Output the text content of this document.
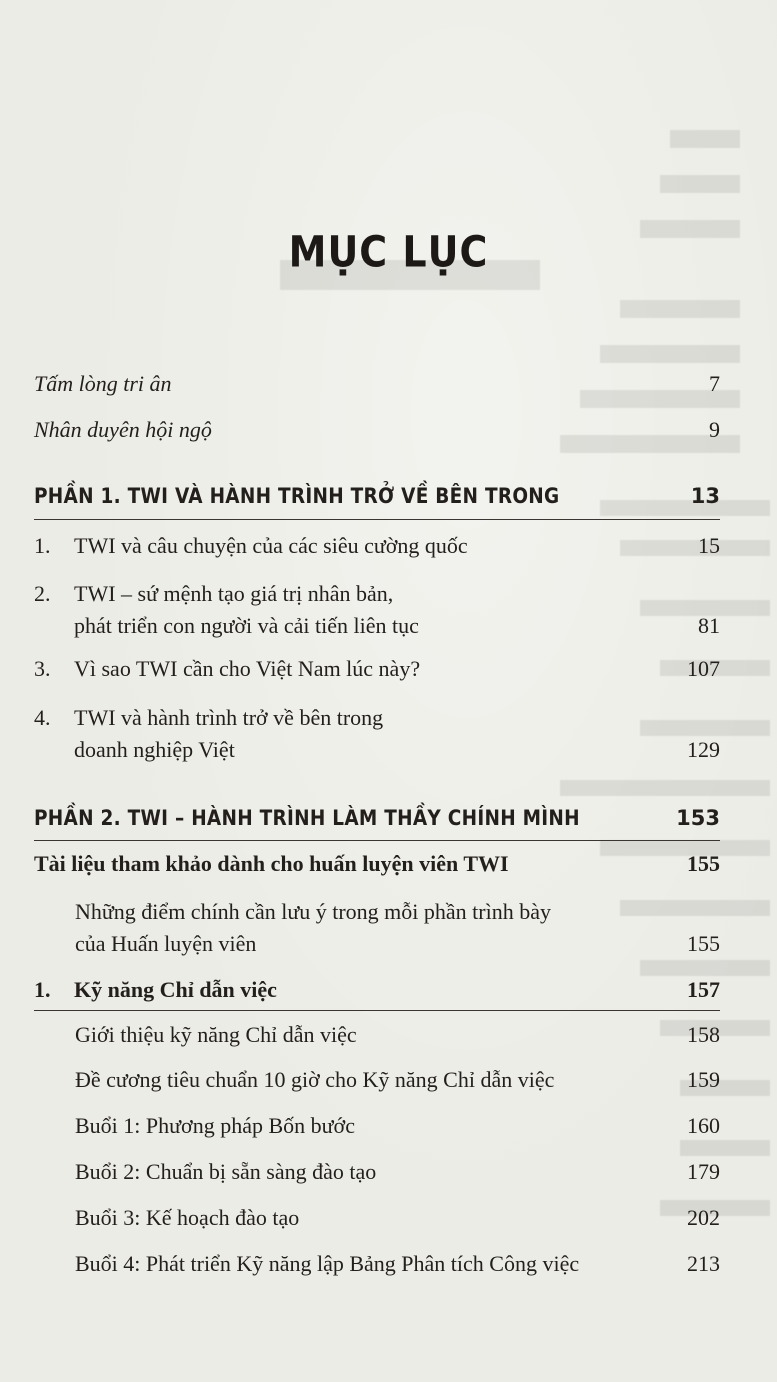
MỤC LỤC
Tấm lòng tri ân	7
Nhân duyên hội ngộ	9
PHẦN 1. TWI VÀ HÀNH TRÌNH TRỞ VỀ BÊN TRONG	13
1. TWI và câu chuyện của các siêu cường quốc	15
2. TWI – sứ mệnh tạo giá trị nhân bản,
phát triển con người và cải tiến liên tục	81
3. Vì sao TWI cần cho Việt Nam lúc này?	107
4. TWI và hành trình trở về bên trong
doanh nghiệp Việt	129
PHẦN 2. TWI – HÀNH TRÌNH LÀM THẦY CHÍNH MÌNH	153
Tài liệu tham khảo dành cho huấn luyện viên TWI	155
Những điểm chính cần lưu ý trong mỗi phần trình bày
của Huấn luyện viên	155
1. Kỹ năng Chỉ dẫn việc	157
Giới thiệu kỹ năng Chỉ dẫn việc	158
Đề cương tiêu chuẩn 10 giờ cho Kỹ năng Chỉ dẫn việc	159
Buổi 1: Phương pháp Bốn bước	160
Buổi 2: Chuẩn bị sẵn sàng đào tạo	179
Buổi 3: Kế hoạch đào tạo	202
Buổi 4: Phát triển Kỹ năng lập Bảng Phân tích Công việc	213
